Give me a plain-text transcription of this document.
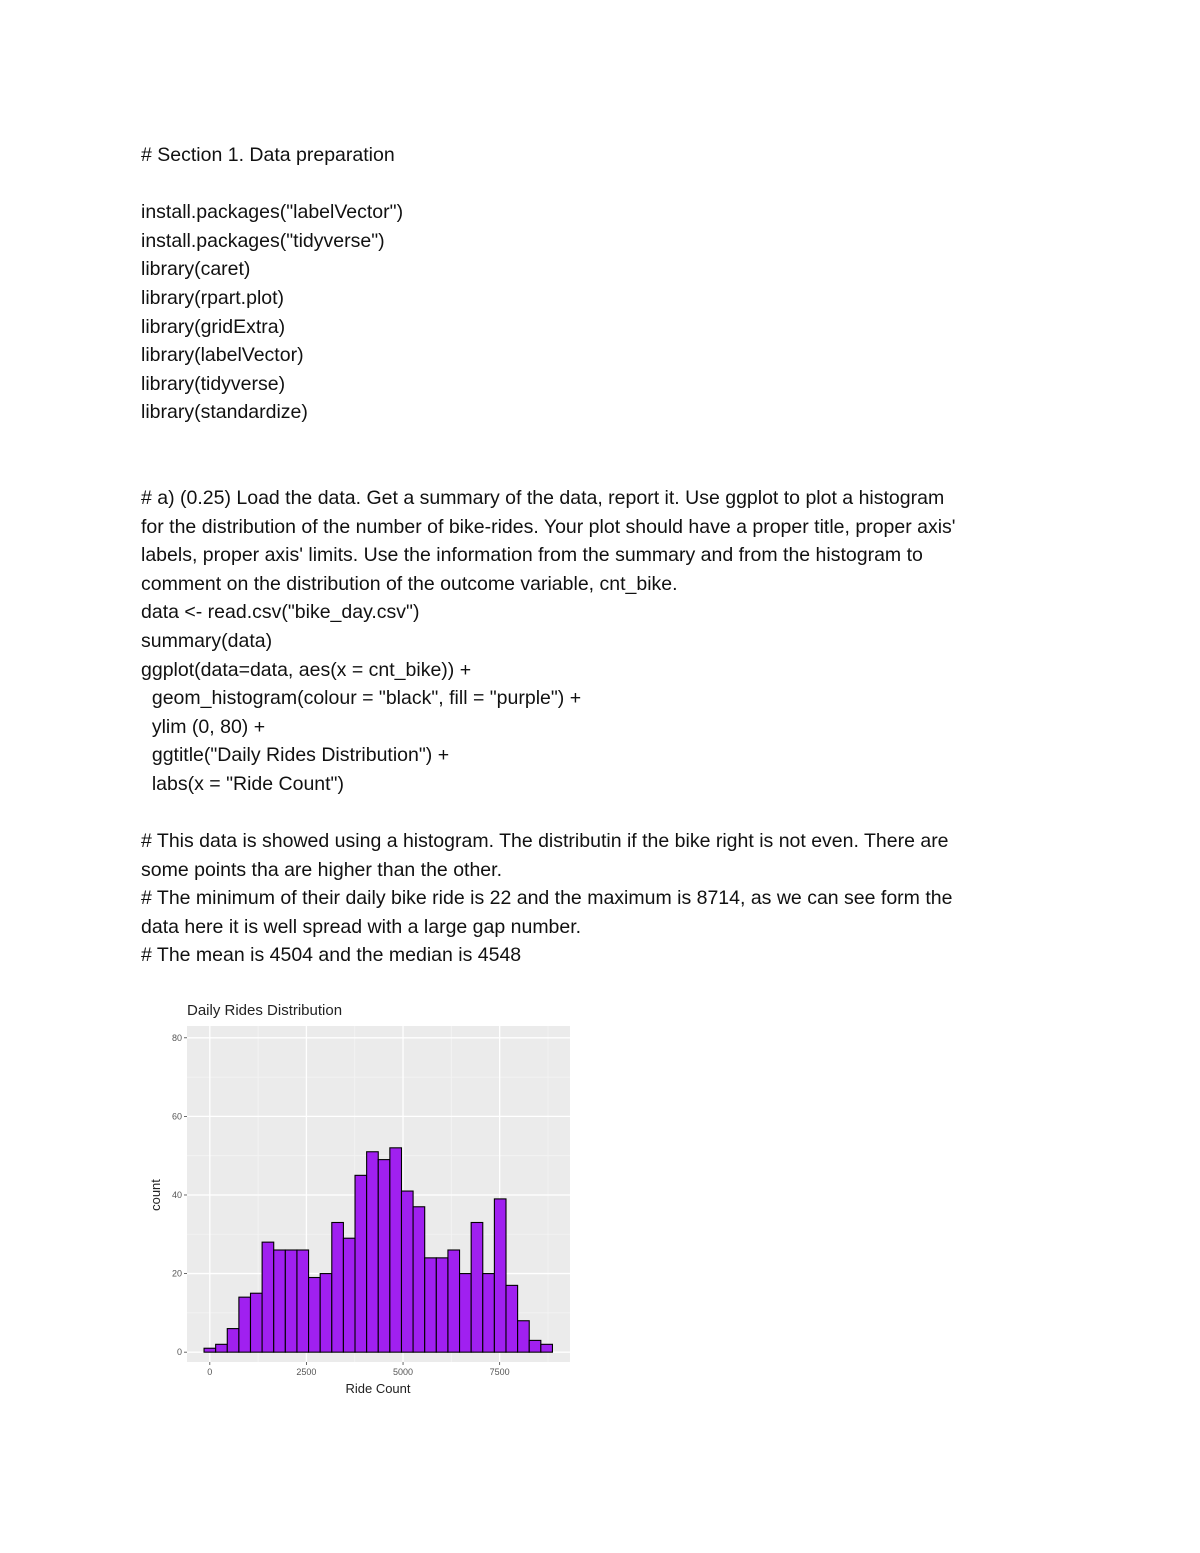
# Section 1. Data preparation

install.packages("labelVector")

install.packages("tidyverse")

library(caret)

library(rpart.plot)

library(gridExtra)

library(labelVector)

library(tidyverse)

library(standardize)

# a) (0.25) Load the data. Get a summary of the data, report it. Use ggplot to plot a histogram

for the distribution of the number of bike-rides. Your plot should have a proper title, proper axis'

labels, proper axis' limits. Use the information from the summary and from the histogram to

comment on the distribution of the outcome variable, cnt_bike.

data <- read.csv("bike_day.csv")

summary(data)

ggplot(data=data, aes(x = cnt_bike)) +

geom_histogram(colour = "black", fill = "purple") +

ylim (0, 80) +

ggtitle("Daily Rides Distribution") +

labs(x = "Ride Count")

# This data is showed using a histogram. The distributin if the bike right is not even. There are

some points tha are higher than the other.

# The minimum of their daily bike ride is 22 and the maximum is 8714, as we can see form the

data here it is well spread with a large gap number.

# The mean is 4504 and the median is 4548

0
20
40
60
80
0	2500	5000	7500
Daily Rides Distribution
Ride Count
count
